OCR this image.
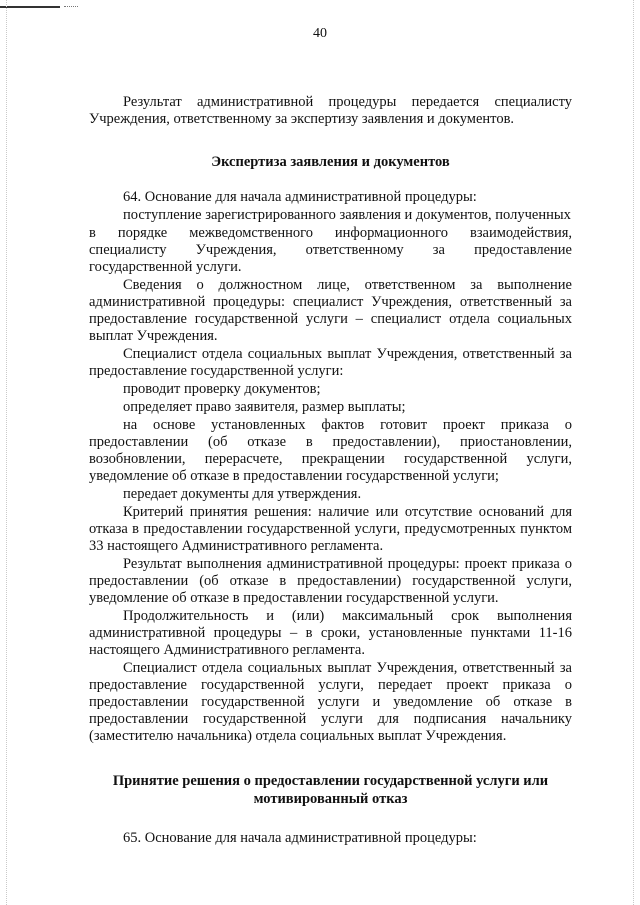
40

Результат административной процедуры передается специалисту Учреждения, ответственному за экспертизу заявления и документов.

Экспертиза заявления и документов

64. Основание для начала административной процедуры:

поступление зарегистрированного заявления и документов, полученных

в порядке межведомственного информационного взаимодействия, специалисту Учреждения, ответственному за предоставление государственной услуги.

Сведения о должностном лице, ответственном за выполнение административной процедуры: специалист Учреждения, ответственный за предоставление государственной услуги – специалист отдела социальных выплат Учреждения.

Специалист отдела социальных выплат Учреждения, ответственный за предоставление государственной услуги:

проводит проверку документов;

определяет право заявителя, размер выплаты;

на основе установленных фактов готовит проект приказа о предоставлении (об отказе в предоставлении), приостановлении, возобновлении, перерасчете, прекращении государственной услуги, уведомление об отказе в предоставлении государственной услуги;

передает документы для утверждения.

Критерий принятия решения: наличие или отсутствие оснований для отказа в предоставлении государственной услуги, предусмотренных пунктом 33 настоящего Административного регламента.

Результат выполнения административной процедуры: проект приказа о предоставлении (об отказе в предоставлении) государственной услуги, уведомление об отказе в предоставлении государственной услуги.

Продолжительность и (или) максимальный срок выполнения административной процедуры – в сроки, установленные пунктами 11-16 настоящего Административного регламента.

Специалист отдела социальных выплат Учреждения, ответственный за предоставление государственной услуги, передает проект приказа о предоставлении государственной услуги и уведомление об отказе в предоставлении государственной услуги для подписания начальнику (заместителю начальника) отдела социальных выплат Учреждения.

Принятие решения о предоставлении государственной услуги или

мотивированный отказ

65. Основание для начала административной процедуры:
